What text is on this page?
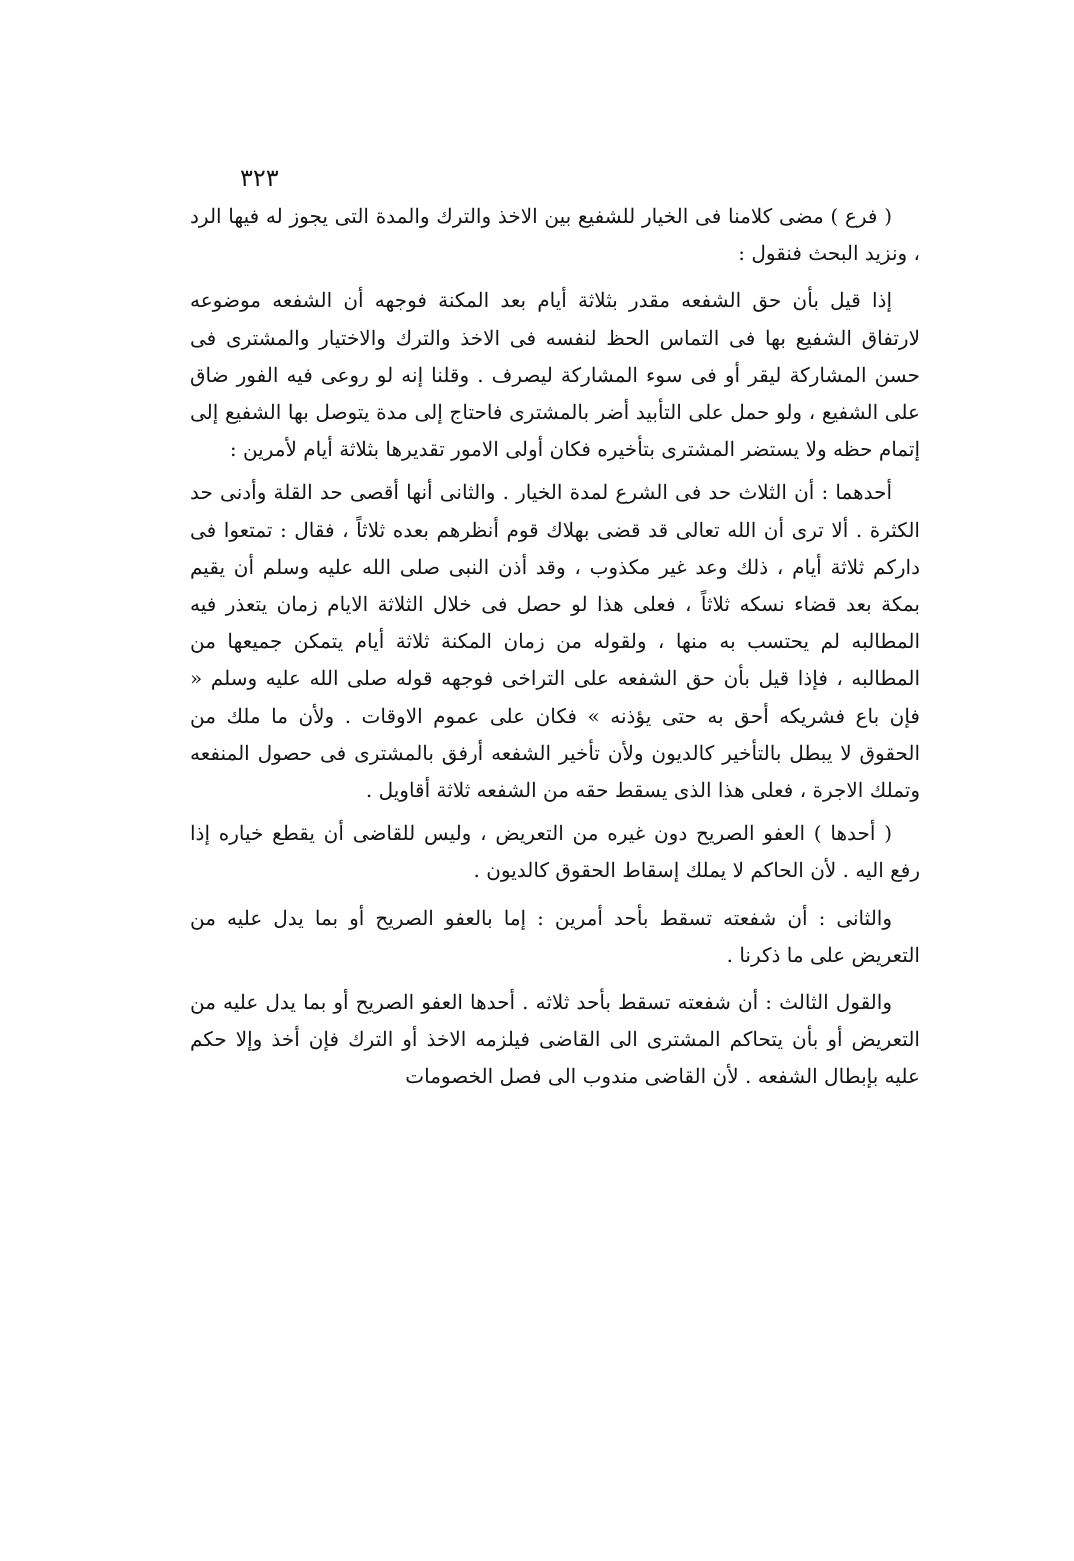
٣٢٣

( فرع ) مضى كلامنا فى الخيار للشفيع بين الاخذ والترك والمدة التى يجوز له فيها الرد ، ونزيد البحث فنقول :

إذا قيل بأن حق الشفعه مقدر بثلاثة أيام بعد المكنة فوجهه أن الشفعه موضوعه لارتفاق الشفيع بها فى التماس الحظ لنفسه فى الاخذ والترك والاختيار والمشترى فى حسن المشاركة ليقر أو فى سوء المشاركة ليصرف . وقلنا إنه لو روعى فيه الفور ضاق على الشفيع ، ولو حمل على التأبيد أضر بالمشترى فاحتاج إلى مدة يتوصل بها الشفيع إلى إتمام حظه ولا يستضر المشترى بتأخيره فكان أولى الامور تقديرها بثلاثة أيام لأمرين :

أحدهما : أن الثلاث حد فى الشرع لمدة الخيار . والثانى أنها أقصى حد القلة وأدنى حد الكثرة . ألا ترى أن الله تعالى قد قضى بهلاك قوم أنظرهم بعده ثلاثاً ، فقال : تمتعوا فى داركم ثلاثة أيام ، ذلك وعد غير مكذوب ، وقد أذن النبى صلى الله عليه وسلم أن يقيم بمكة بعد قضاء نسكه ثلاثاً ، فعلى هذا لو حصل فى خلال الثلاثة الايام زمان يتعذر فيه المطالبه لم يحتسب به منها ، ولقوله من زمان المكنة ثلاثة أيام يتمكن جميعها من المطالبه ، فإذا قيل بأن حق الشفعه على التراخى فوجهه قوله صلى الله عليه وسلم « فإن باع فشريكه أحق به حتى يؤذنه » فكان على عموم الاوقات . ولأن ما ملك من الحقوق لا يبطل بالتأخير كالديون ولأن تأخير الشفعه أرفق بالمشترى فى حصول المنفعه وتملك الاجرة ، فعلى هذا الذى يسقط حقه من الشفعه ثلاثة أقاويل .

( أحدها ) العفو الصريح دون غيره من التعريض ، وليس للقاضى أن يقطع خياره إذا رفع اليه . لأن الحاكم لا يملك إسقاط الحقوق كالديون .

والثانى : أن شفعته تسقط بأحد أمرين : إما بالعفو الصريح أو بما يدل عليه من التعريض على ما ذكرنا .

والقول الثالث : أن شفعته تسقط بأحد ثلاثه . أحدها العفو الصريح أو بما يدل عليه من التعريض أو بأن يتحاكم المشترى الى القاضى فيلزمه الاخذ أو الترك فإن أخذ وإلا حكم عليه بإبطال الشفعه . لأن القاضى مندوب الى فصل الخصومات
